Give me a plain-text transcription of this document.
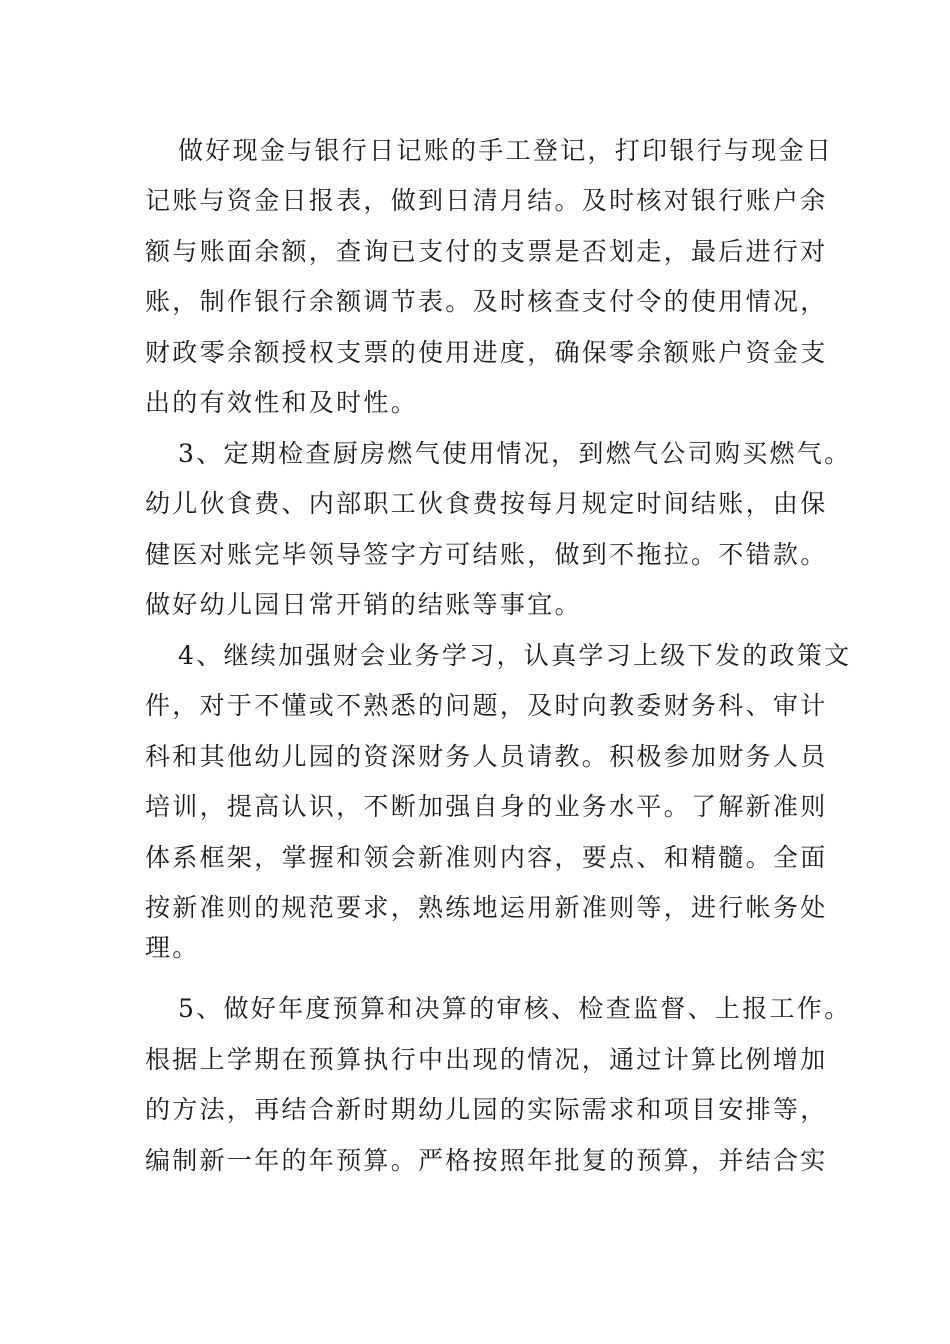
做好现金与银行日记账的手工登记，打印银行与现金日
记账与资金日报表，做到日清月结。及时核对银行账户余
额与账面余额，查询已支付的支票是否划走，最后进行对
账，制作银行余额调节表。及时核查支付令的使用情况，
财政零余额授权支票的使用进度，确保零余额账户资金支
出的有效性和及时性。
3、定期检查厨房燃气使用情况，到燃气公司购买燃气。
幼儿伙食费、内部职工伙食费按每月规定时间结账，由保
健医对账完毕领导签字方可结账，做到不拖拉。不错款。
做好幼儿园日常开销的结账等事宜。
4、继续加强财会业务学习，认真学习上级下发的政策文
件，对于不懂或不熟悉的问题，及时向教委财务科、审计
科和其他幼儿园的资深财务人员请教。积极参加财务人员
培训，提高认识，不断加强自身的业务水平。了解新准则
体系框架，掌握和领会新准则内容，要点、和精髓。全面
按新准则的规范要求，熟练地运用新准则等，进行帐务处
理。
5、做好年度预算和决算的审核、检查监督、上报工作。
根据上学期在预算执行中出现的情况，通过计算比例增加
的方法，再结合新时期幼儿园的实际需求和项目安排等，
编制新一年的年预算。严格按照年批复的预算，并结合实
